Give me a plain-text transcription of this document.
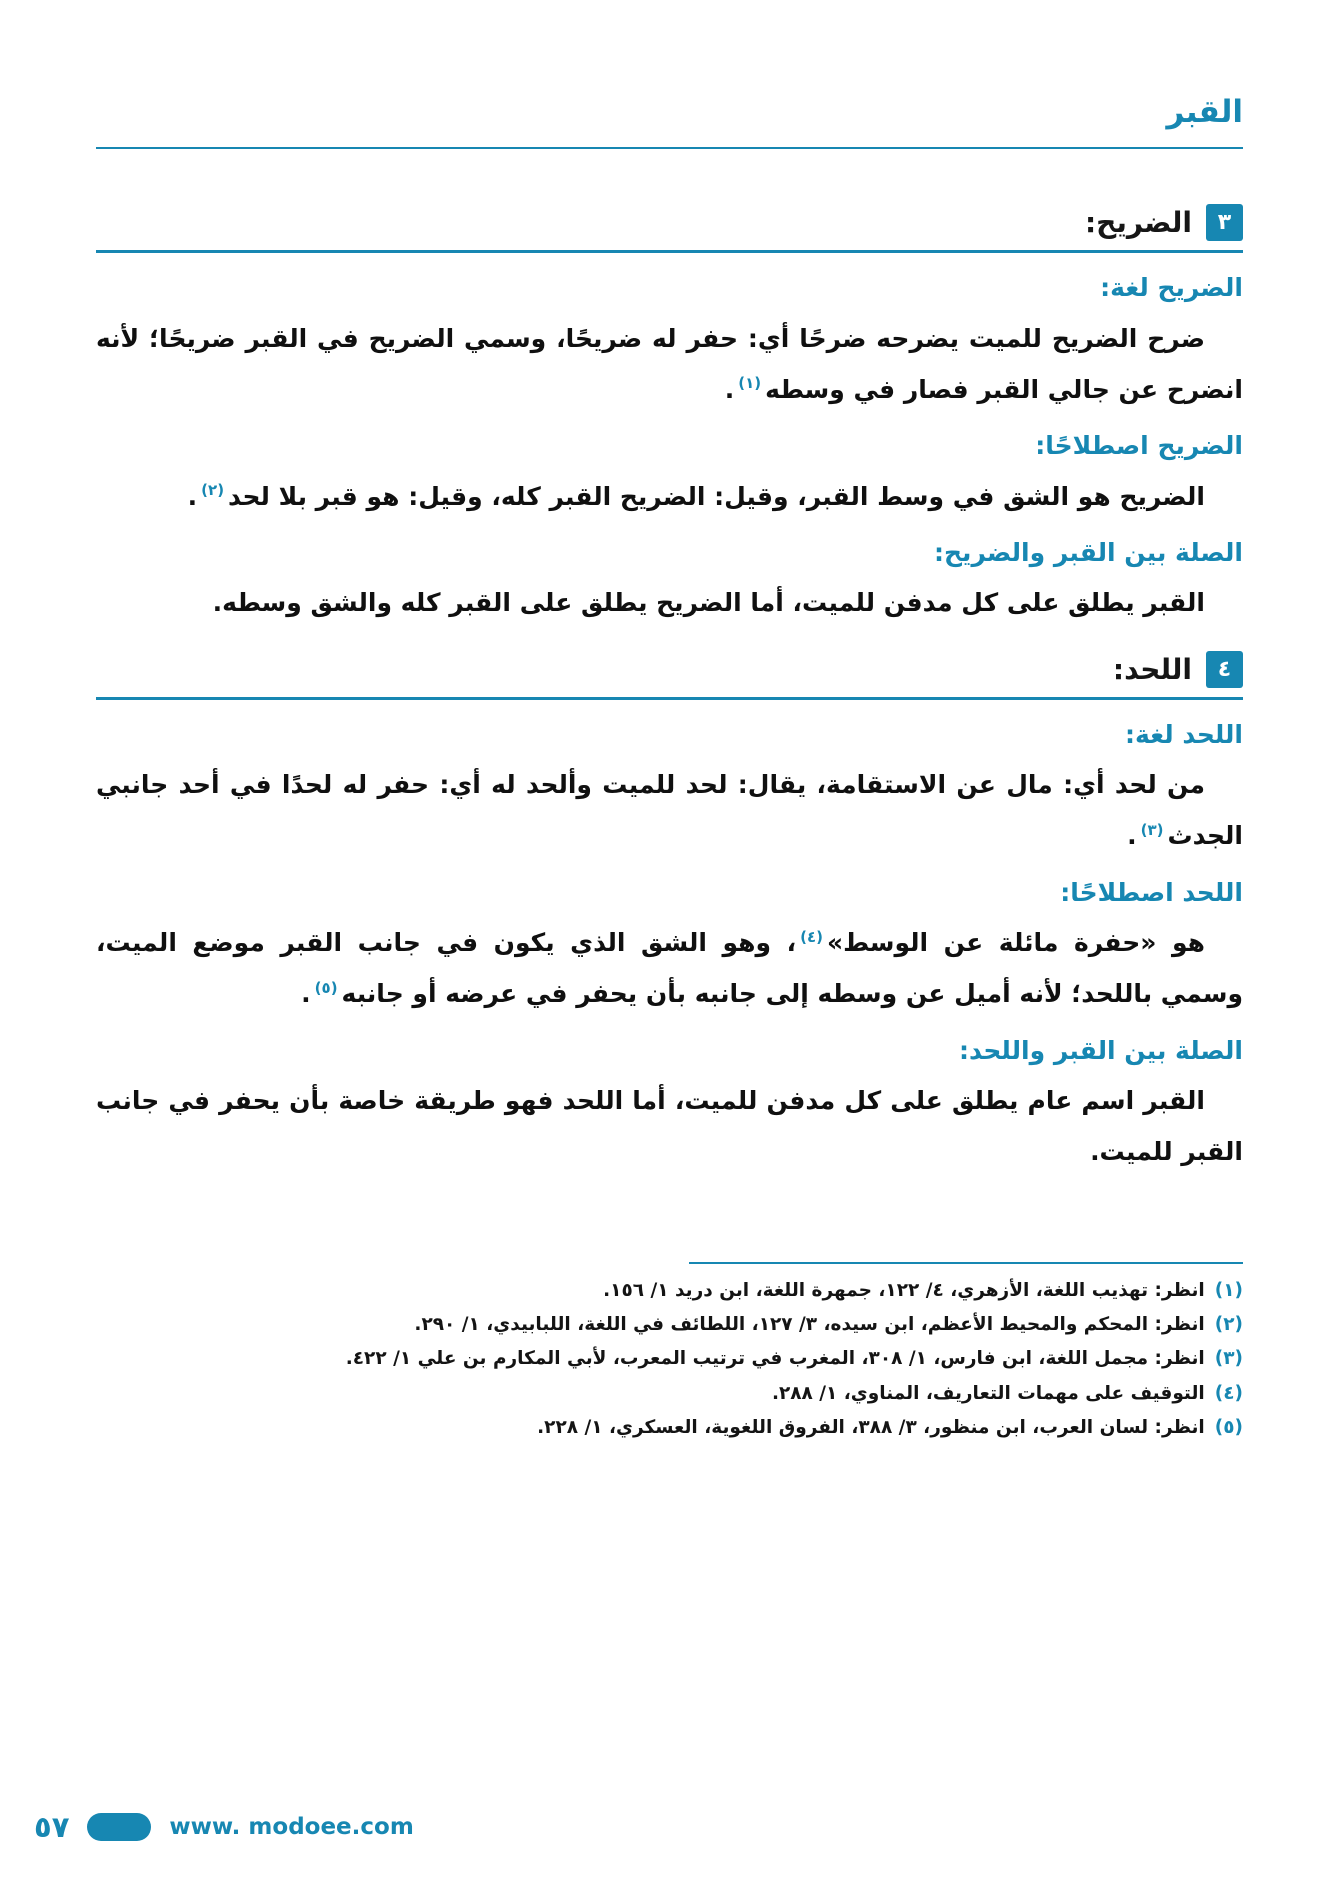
القبر
٣
الضريح:
الضريح لغة:

ضرح الضريح للميت يضرحه ضرحًا أي: حفر له ضريحًا، وسمي الضريح في القبر ضريحًا؛ لأنه انضرح عن جالي القبر فصار في وسطه$^{(١)}$.

الضريح اصطلاحًا:

الضريح هو الشق في وسط القبر، وقيل: الضريح القبر كله، وقيل: هو قبر بلا لحد$^{(٢)}$.

الصلة بين القبر والضريح:

القبر يطلق على كل مدفن للميت، أما الضريح يطلق على القبر كله والشق وسطه.

٤
اللحد:
اللحد لغة:

من لحد أي: مال عن الاستقامة، يقال: لحد للميت وألحد له أي: حفر له لحدًا في أحد جانبي الجدث$^{(٣)}$.

اللحد اصطلاحًا:

هو «حفرة مائلة عن الوسط»$^{(٤)}$، وهو الشق الذي يكون في جانب القبر موضع الميت، وسمي باللحد؛ لأنه أميل عن وسطه إلى جانبه بأن يحفر في عرضه أو جانبه$^{(٥)}$.

الصلة بين القبر واللحد:

القبر اسم عام يطلق على كل مدفن للميت، أما اللحد فهو طريقة خاصة بأن يحفر في جانب القبر للميت.

(١)
انظر: تهذيب اللغة، الأزهري، ٤/ ١٢٢، جمهرة اللغة، ابن دريد ١/ ١٥٦.
(٢)
انظر: المحكم والمحيط الأعظم، ابن سيده، ٣/ ١٢٧، اللطائف في اللغة، اللبابيدي، ١/ ٢٩٠.
(٣)
انظر: مجمل اللغة، ابن فارس، ١/ ٣٠٨، المغرب في ترتيب المعرب، لأبي المكارم بن علي ١/ ٤٢٢.
(٤)
التوقيف على مهمات التعاريف، المناوي، ١/ ٢٨٨.
(٥)
انظر: لسان العرب، ابن منظور، ٣/ ٣٨٨، الفروق اللغوية، العسكري، ١/ ٢٢٨.
٥٧	www. modoee.com
